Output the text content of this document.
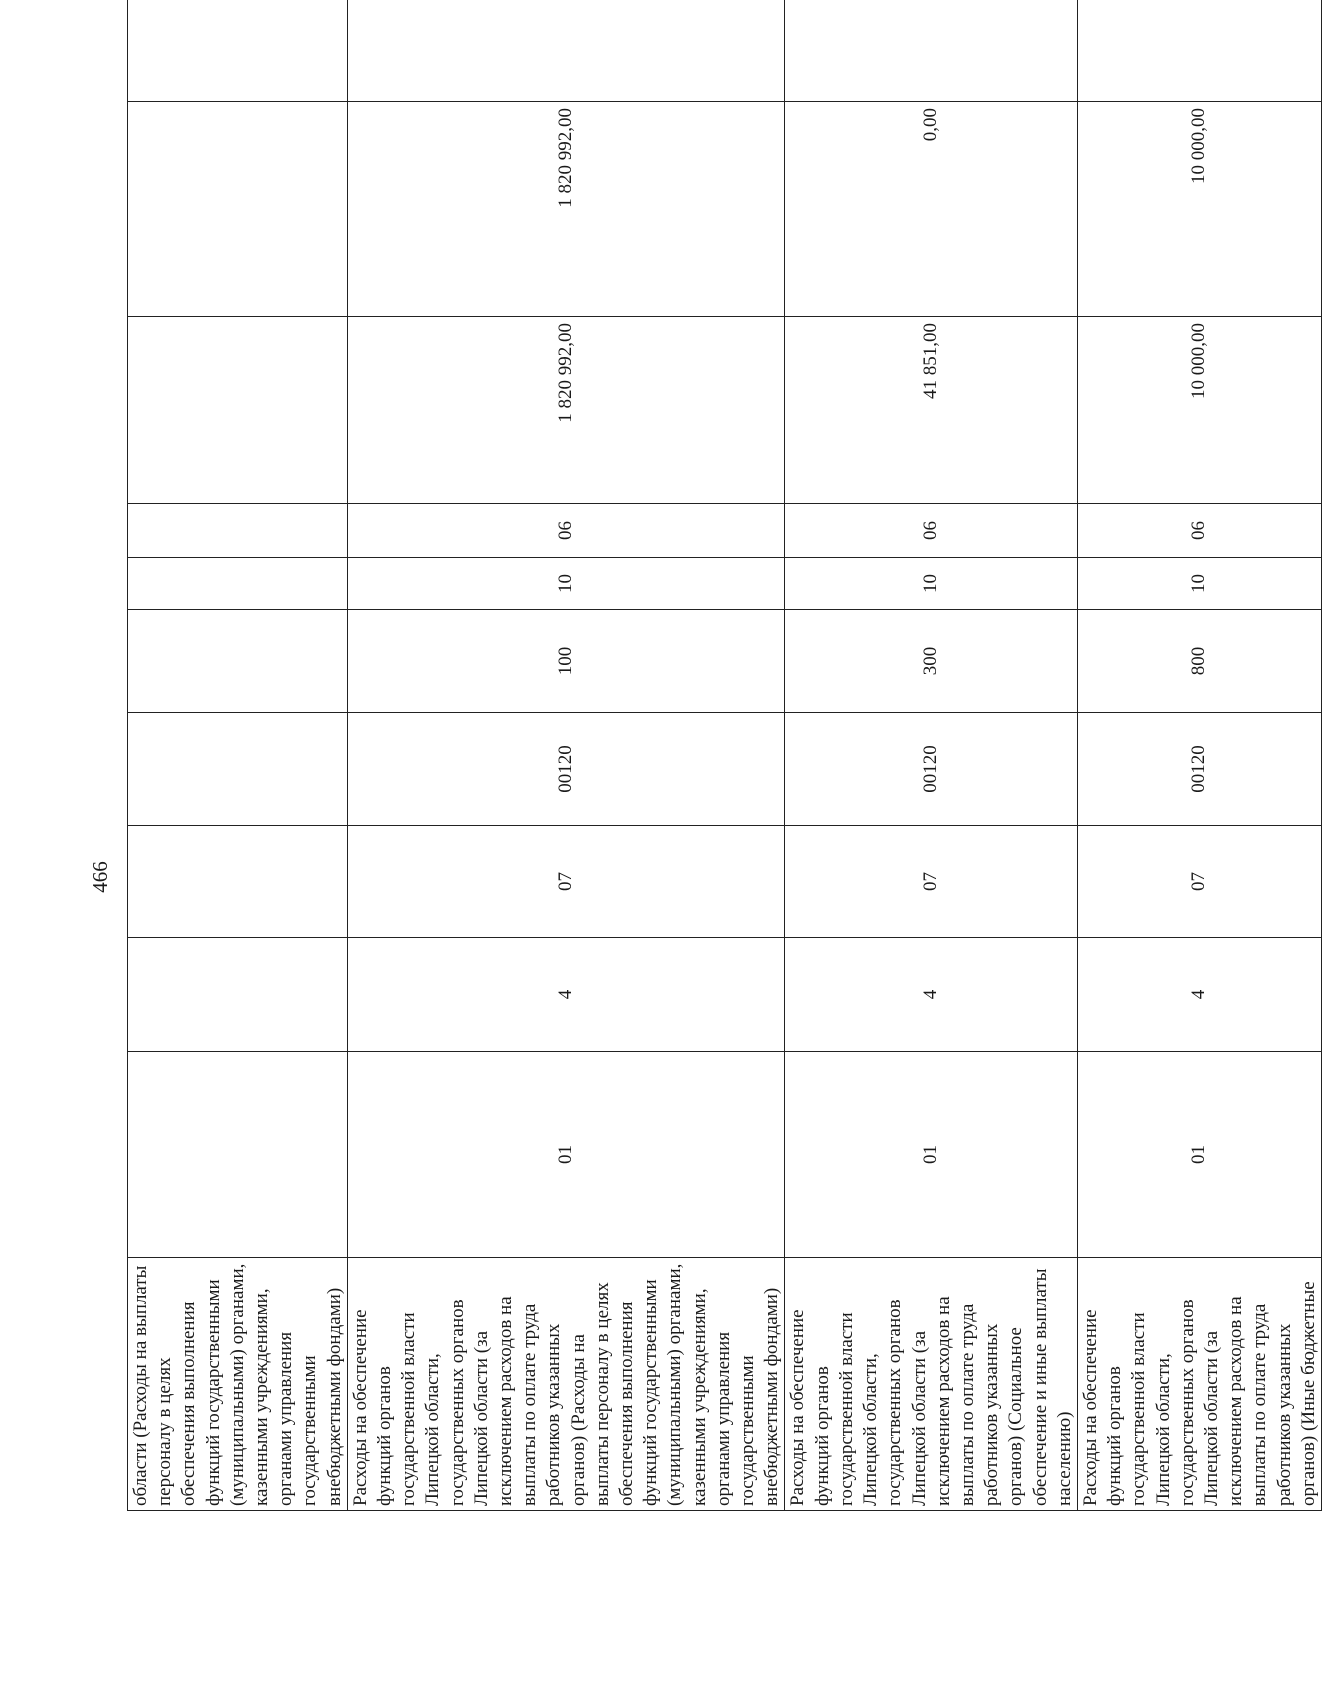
466
области (Расходы на выплаты персоналу в целях обеспечения выполнения функций государственными (муниципальными) органами, казенными учреждениями, органами управления государственными внебюджетными фондами)										
Расходы на обеспечение функций органов государственной власти Липецкой области, государственных органов Липецкой области (за исключением расходов на выплаты по оплате труда работников указанных органов) (Расходы на выплаты персоналу в целях обеспечения выполнения функций государственными (муниципальными) органами, казенными учреждениями, органами управления государственными внебюджетными фондами)	01	4	07	00120	100	10	06	1 820 992,00	1 820 992,00	
Расходы на обеспечение функций органов государственной власти Липецкой области, государственных органов Липецкой области (за исключением расходов на выплаты по оплате труда работников указанных органов) (Социальное обеспечение и иные выплаты населению)	01	4	07	00120	300	10	06	41 851,00	0,00	
Расходы на обеспечение функций органов государственной власти Липецкой области, государственных органов Липецкой области (за исключением расходов на выплаты по оплате труда работников указанных органов) (Иные бюджетные	01	4	07	00120	800	10	06	10 000,00	10 000,00	
